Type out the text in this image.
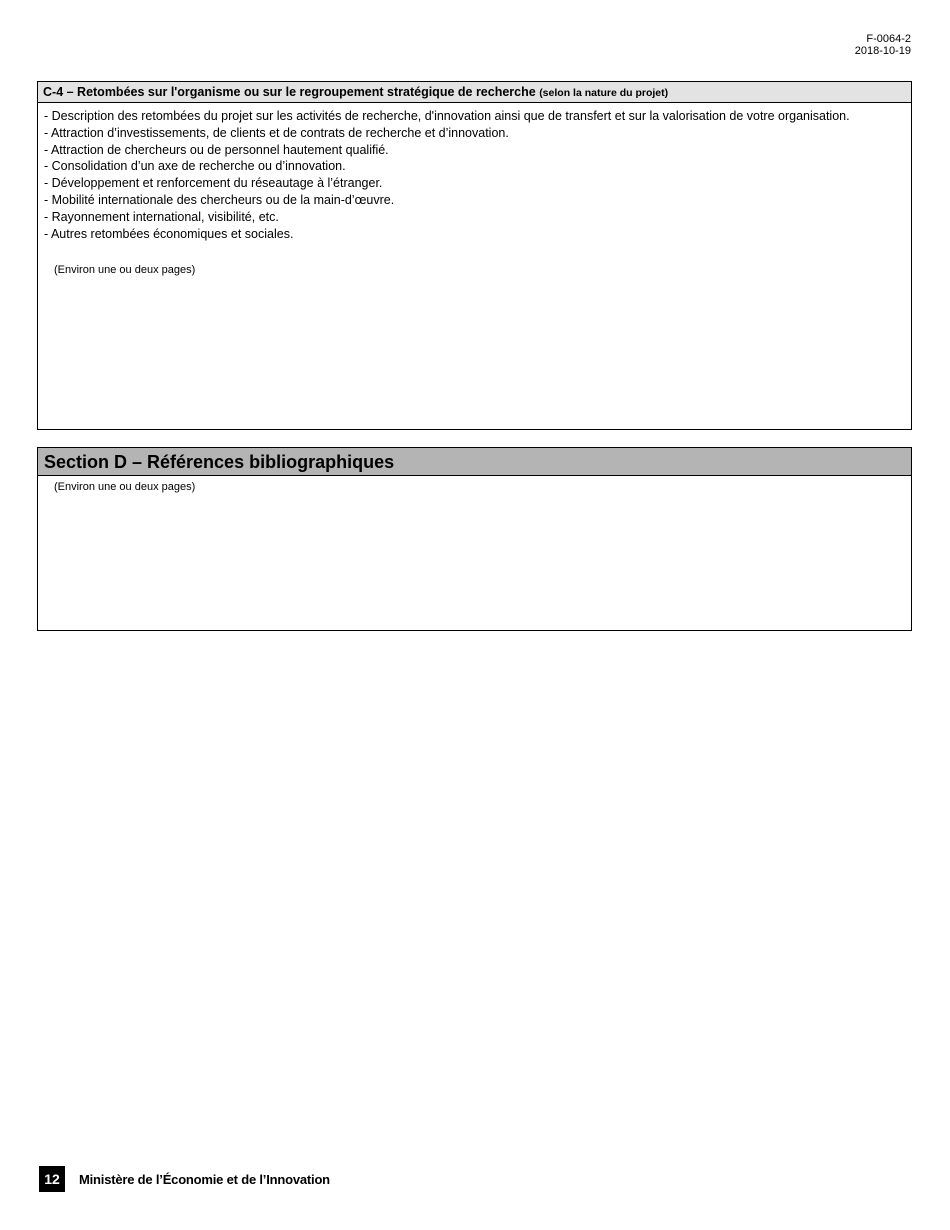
F-0064-2
2018-10-19
C-4 – Retombées sur l'organisme ou sur le regroupement stratégique de recherche (selon la nature du projet)
- Description des retombées du projet sur les activités de recherche, d'innovation ainsi que de transfert et sur la valorisation de votre organisation.
- Attraction d’investissements, de clients et de contrats de recherche et d’innovation.
- Attraction de chercheurs ou de personnel hautement qualifié.
- Consolidation d’un axe de recherche ou d’innovation.
- Développement et renforcement du réseautage à l’étranger.
- Mobilité internationale des chercheurs ou de la main-d’œuvre.
- Rayonnement international, visibilité, etc.
- Autres retombées économiques et sociales.
(Environ une ou deux pages)
Section D – Références bibliographiques
(Environ une ou deux pages)
12	Ministère de l’Économie et de l’Innovation
